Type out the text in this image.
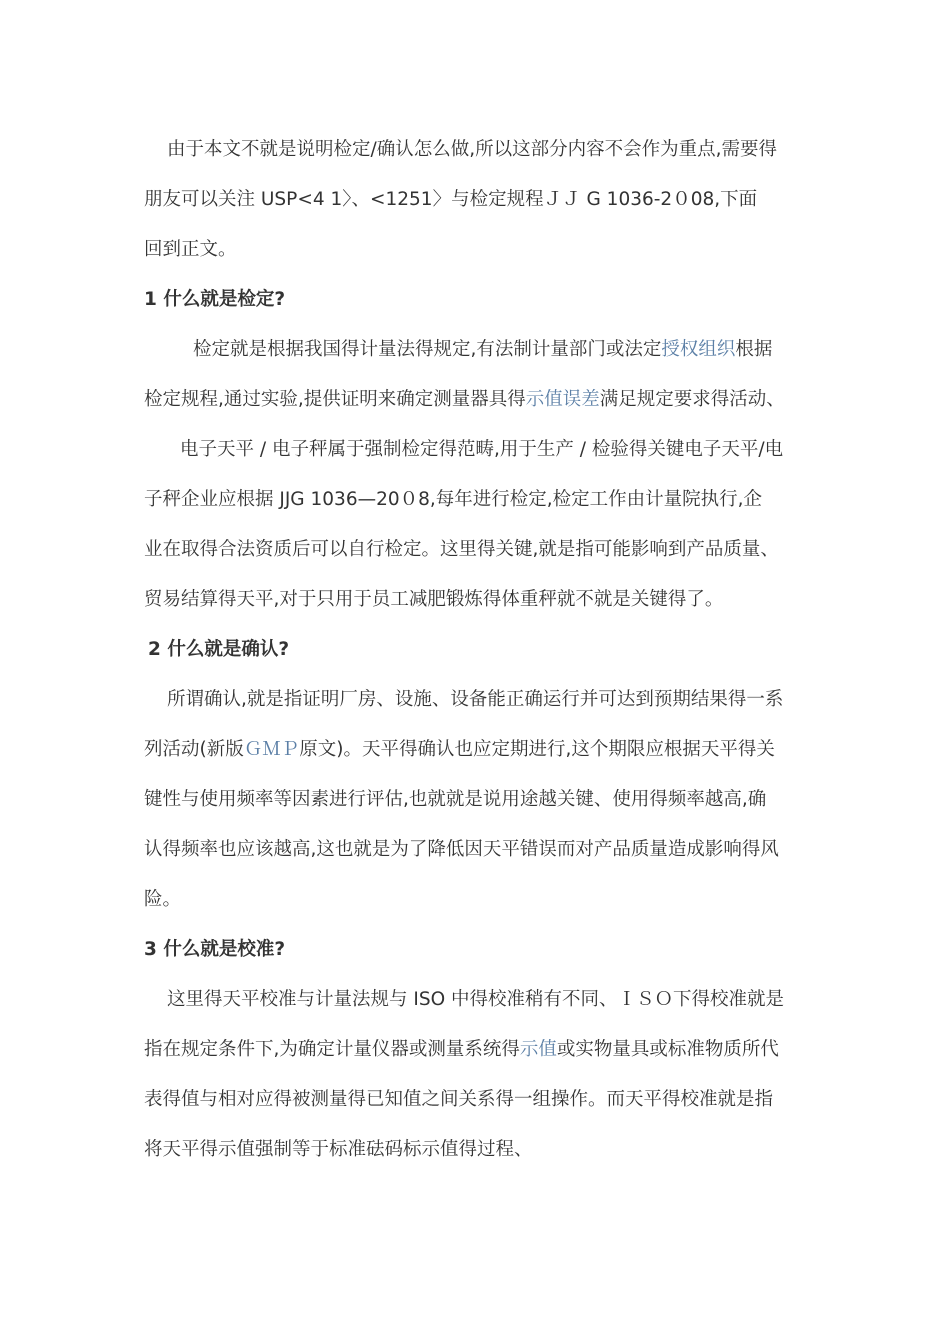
由于本文不就是说明检定/确认怎么做,所以这部分内容不会作为重点,需要得
朋友可以关注 USP<4 1〉、<1251〉与检定规程ＪＪ G 1036-2０08,下面
回到正文。
1 什么就是检定?
检定就是根据我国得计量法得规定,有法制计量部门或法定授权组织根据
检定规程,通过实验,提供证明来确定测量器具得示值误差满足规定要求得活动、
电子天平 / 电子秤属于强制检定得范畴,用于生产 / 检验得关键电子天平/电
子秤企业应根据 JJG 1036—20０8,每年进行检定,检定工作由计量院执行,企
业在取得合法资质后可以自行检定。这里得关键,就是指可能影响到产品质量、
贸易结算得天平,对于只用于员工减肥锻炼得体重秤就不就是关键得了。
2 什么就是确认?
所谓确认,就是指证明厂房、设施、设备能正确运行并可达到预期结果得一系
列活动(新版ＧＭＰ原文)。天平得确认也应定期进行,这个期限应根据天平得关
键性与使用频率等因素进行评估,也就就是说用途越关键、使用得频率越高,确
认得频率也应该越高,这也就是为了降低因天平错误而对产品质量造成影响得风
险。
3 什么就是校准?
这里得天平校准与计量法规与 ISO 中得校准稍有不同、ＩＳＯ下得校准就是
指在规定条件下,为确定计量仪器或测量系统得示值或实物量具或标准物质所代
表得值与相对应得被测量得已知值之间关系得一组操作。而天平得校准就是指
将天平得示值强制等于标准砝码标示值得过程、
